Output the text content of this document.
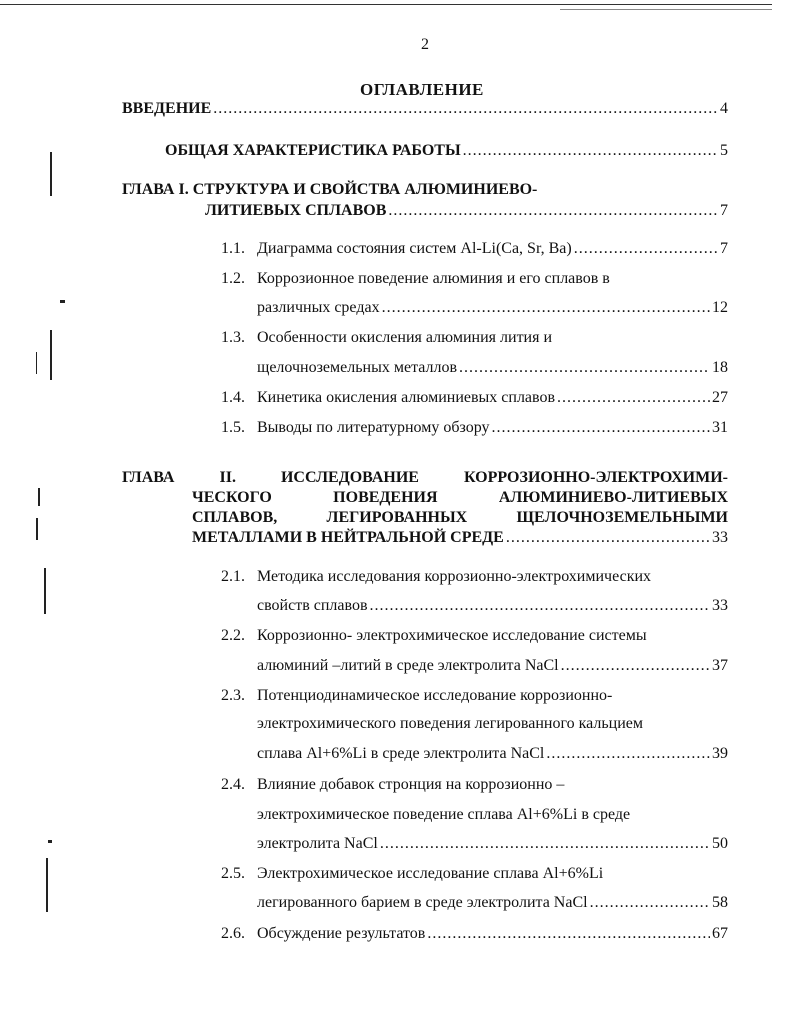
2
ОГЛАВЛЕНИЕ
ВВЕДЕНИЕ .....	4
ОБЩАЯ ХАРАКТЕРИСТИКА РАБОТЫ .....	5
ГЛАВА I. СТРУКТУРА И СВОЙСТВА АЛЮМИНИЕВО-
ЛИТИЕВЫХ СПЛАВОВ .....	7
1.1. Диаграмма состояния систем Al-Li(Ca, Sr, Ba) .....	7
1.2. Коррозионное поведение алюминия и его сплавов в
различных средах .....	12
1.3. Особенности окисления алюминия лития и
щелочноземельных металлов .....	18
1.4. Кинетика окисления алюминиевых сплавов .....	27
1.5. Выводы по литературному обзору .....	31
ГЛАВА	II.	ИССЛЕДОВАНИЕ	КОРРОЗИОННО-ЭЛЕКТРОХИМИ-
ЧЕСКОГО	ПОВЕДЕНИЯ	АЛЮМИНИЕВО-ЛИТИЕВЫХ
СПЛАВОВ,	ЛЕГИРОВАННЫХ	ЩЕЛОЧНОЗЕМЕЛЬНЫМИ
МЕТАЛЛАМИ В НЕЙТРАЛЬНОЙ СРЕДЕ .....	33
2.1. Методика исследования коррозионно-электрохимических
свойств сплавов .....	33
2.2. Коррозионно- электрохимическое исследование системы
алюминий –литий в среде электролита NaCl .....	37
2.3. Потенциодинамическое исследование коррозионно-
электрохимического поведения легированного кальцием
сплава Al+6%Li в среде электролита NaCl .....	39
2.4. Влияние добавок стронция на коррозионно –
электрохимическое поведение сплава Al+6%Li в среде
электролита NaCl .....	50
2.5. Электрохимическое исследование сплава Al+6%Li
легированного барием в среде электролита NaCl .....	58
2.6. Обсуждение результатов .....	67
